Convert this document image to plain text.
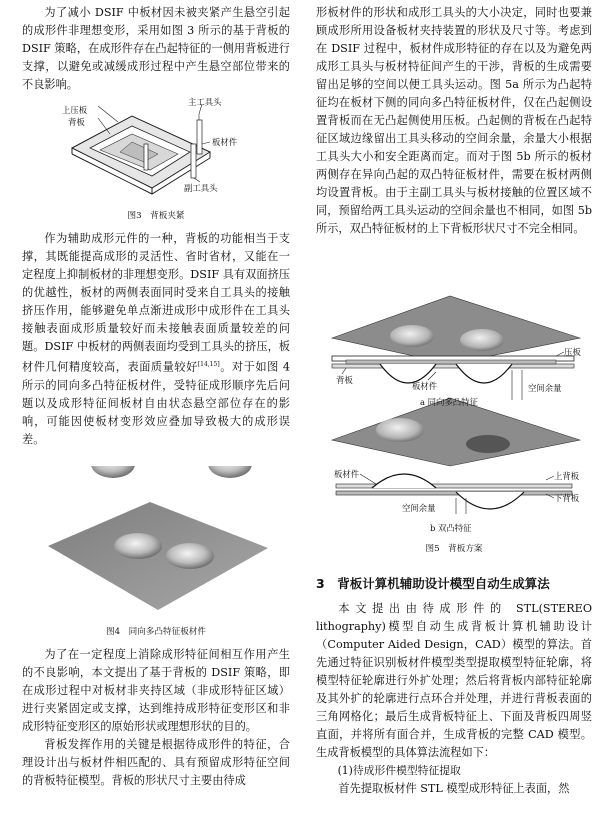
为了减小 DSIF 中板材因未被夹紧产生悬空引起的成形件非理想变形，采用如图 3 所示的基于背板的 DSIF 策略，在成形件存在凸起特征的一侧用背板进行支撑，以避免或减缓成形过程中产生悬空部位带来的不良影响。

上压板
背板
主工具头
板材件
副工具头
图3　背板夹紧

作为辅助成形元件的一种，背板的功能相当于支撑，其既能提高成形的灵活性、省时省材，又能在一定程度上抑制板材的非理想变形。DSIF 具有双面挤压的优越性，板材的两侧表面同时受来自工具头的接触挤压作用，能够避免单点渐进成形中成形件在工具头接触表面成形质量较好而未接触表面质量较差的问题。DSIF 中板材的两侧表面均受到工具头的挤压，板材件几何精度较高，表面质量较好[14,15]。对于如图 4 所示的同向多凸特征板材件，受特征成形顺序先后问题以及成形特征间板材自由状态悬空部位存在的影响，可能因使板材变形效应叠加导致极大的成形误差。

图4　同向多凸特征板材件

为了在一定程度上消除成形特征间相互作用产生的不良影响，本文提出了基于背板的 DSIF 策略，即在成形过程中对板材非夹持区域（非成形特征区域）进行夹紧固定或支撑，达到维持成形特征变形区和非成形特征变形区的原始形状或理想形状的目的。

背板发挥作用的关键是根据待成形件的特征，合理设计出与板材件相匹配的、具有预留成形特征空间的背板特征模型。背板的形状尺寸主要由待成

形板材件的形状和成形工具头的大小决定，同时也要兼顾成形所用设备板材夹持装置的形状及尺寸等。考虑到在 DSIF 过程中，板材件成形特征的存在以及为避免两成形工具头与板材特征间产生的干涉，背板的生成需要留出足够的空间以便工具头运动。图 5a 所示为凸起特征均在板材下侧的同向多凸特征板材件，仅在凸起侧设置背板而在无凸起侧使用压板。凸起侧的背板在凸起特征区域边缘留出工具头移动的空间余量，余量大小根据工具头大小和安全距离而定。而对于图 5b 所示的板材两侧存在异向凸起的双凸特征板材件，需要在板材两侧均设置背板。由于主副工具头与板材接触的位置区域不同，预留给两工具头运动的空间余量也不相同，如图 5b 所示，双凸特征板材的上下背板形状尺寸不完全相同。

压板
背板
板材件	空间余量
a 同向多凸特征
板材件	上背板
下背板
空间余量
b 双凸特征
图5　背板方案
3　背板计算机辅助设计模型自动生成算法

本文提出由待成形件的 STL(STEREO lithography)模型自动生成背板计算机辅助设计（Computer Aided Design，CAD）模型的算法。首先通过特征识别板材件模型类型提取模型特征轮廓，将模型特征轮廓进行外扩处理；然后将背板内部特征轮廓及其外扩的轮廓进行点环合并处理，并进行背板表面的三角网格化；最后生成背板特征上、下面及背板四周竖直面，并将所有面合并，生成背板的完整 CAD 模型。生成背板模型的具体算法流程如下：

(1)待成形件模型特征提取

首先提取板材件 STL 模型成形特征上表面，然
